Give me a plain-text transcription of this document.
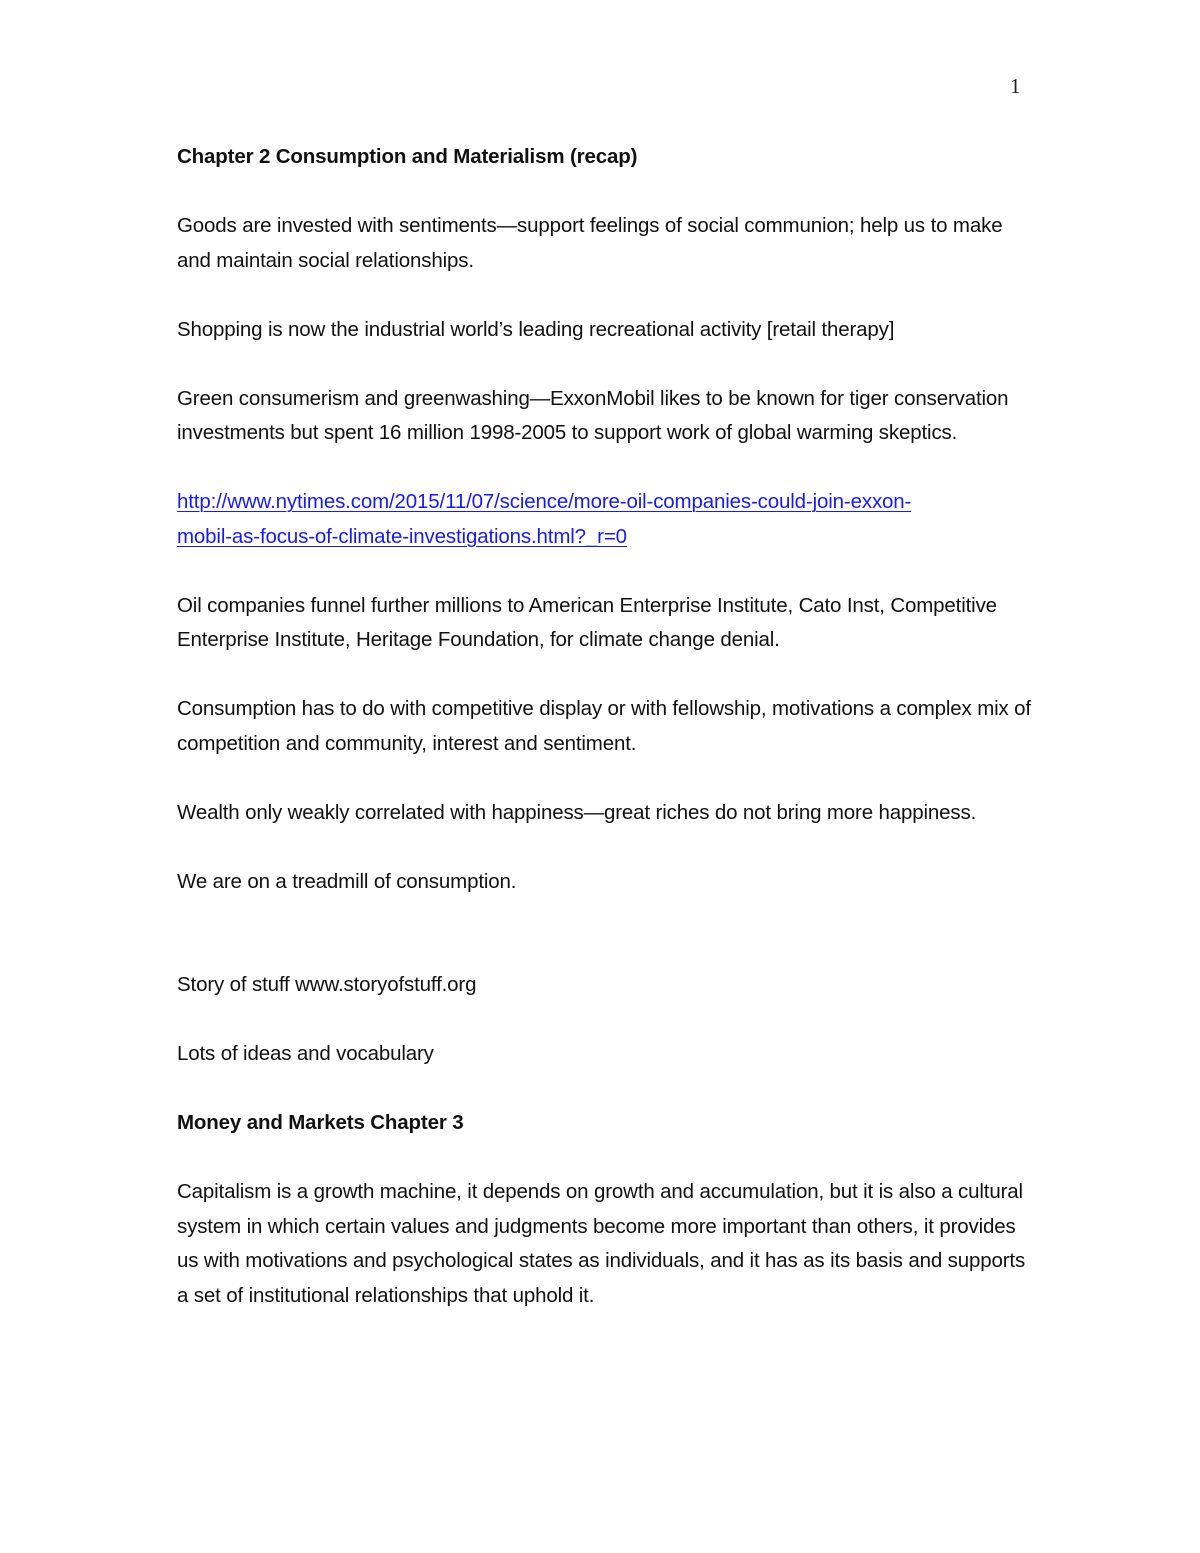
1

Chapter 2 Consumption and Materialism (recap)

Goods are invested with sentiments—support feelings of social communion; help us to make and maintain social relationships.

Shopping is now the industrial world’s leading recreational activity [retail therapy]

Green consumerism and greenwashing—ExxonMobil likes to be known for tiger conservation investments but spent 16 million 1998-2005 to support work of global warming skeptics.

http://www.nytimes.com/2015/11/07/science/more-oil-companies-could-join-exxon-
mobil-as-focus-of-climate-investigations.html?_r=0

Oil companies funnel further millions to American Enterprise Institute, Cato Inst, Competitive Enterprise Institute, Heritage Foundation, for climate change denial.

Consumption has to do with competitive display or with fellowship, motivations a complex mix of competition and community, interest and sentiment.

Wealth only weakly correlated with happiness—great riches do not bring more happiness.

We are on a treadmill of consumption.

Story of stuff www.storyofstuff.org

Lots of ideas and vocabulary

Money and Markets Chapter 3

Capitalism is a growth machine, it depends on growth and accumulation, but it is also a cultural system in which certain values and judgments become more important than others, it provides us with motivations and psychological states as individuals, and it has as its basis and supports a set of institutional relationships that uphold it.
